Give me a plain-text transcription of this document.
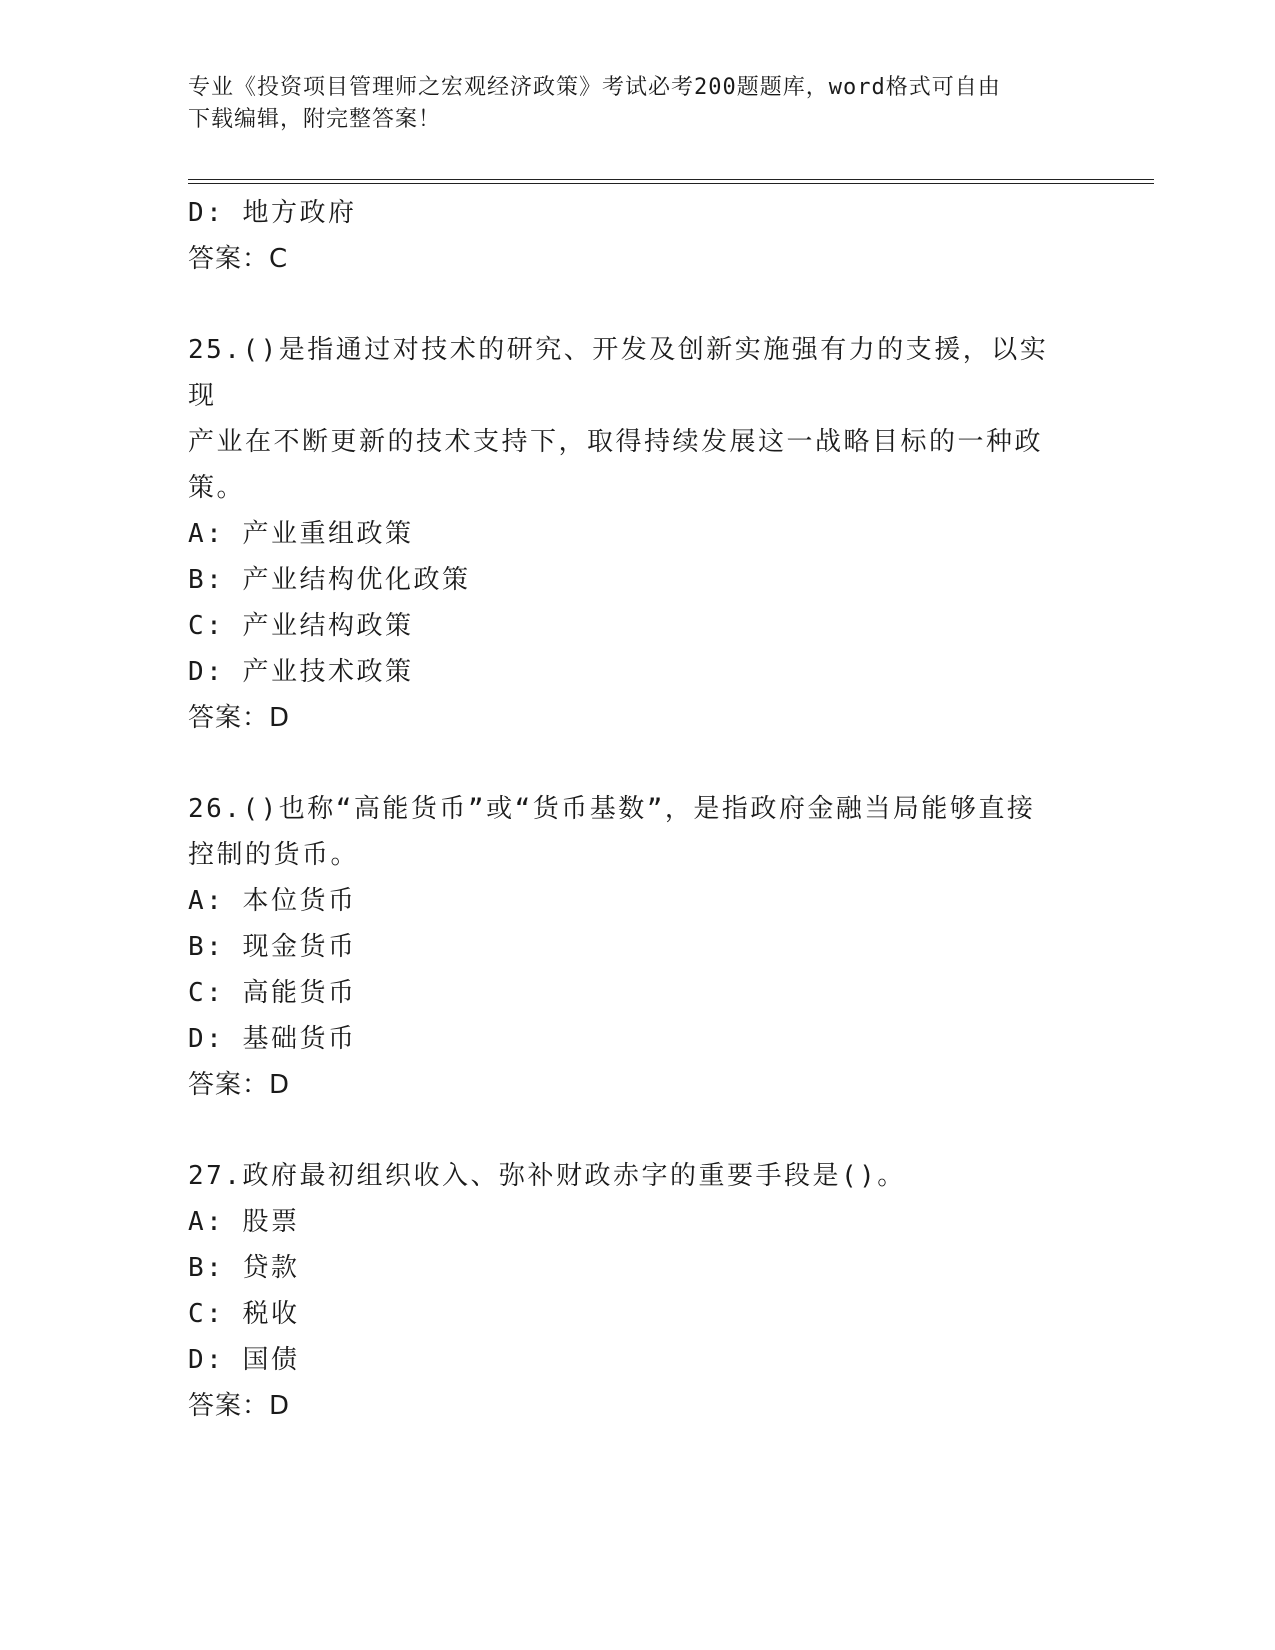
专业《投资项目管理师之宏观经济政策》考试必考200题题库，word格式可自由
下载编辑，附完整答案！

D: 地方政府

答案：C

25.()是指通过对技术的研究、开发及创新实施强有力的支援，以实现

产业在不断更新的技术支持下，取得持续发展这一战略目标的一种政

策。

A: 产业重组政策

B: 产业结构优化政策

C: 产业结构政策

D: 产业技术政策

答案：D

26.()也称“高能货币”或“货币基数”，是指政府金融当局能够直接

控制的货币。

A: 本位货币

B: 现金货币

C: 高能货币

D: 基础货币

答案：D

27.政府最初组织收入、弥补财政赤字的重要手段是()。

A: 股票

B: 贷款

C: 税收

D: 国债

答案：D
